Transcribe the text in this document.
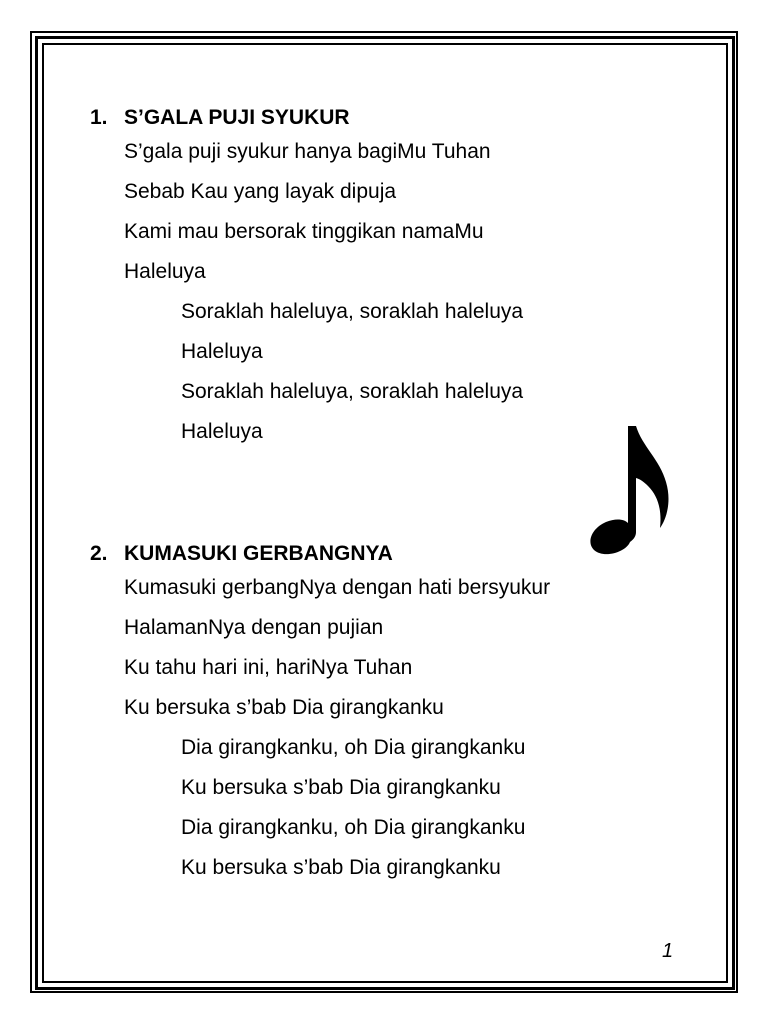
1. S’GALA PUJI SYUKUR
S’gala puji syukur hanya bagiMu Tuhan
Sebab Kau yang layak dipuja
Kami mau bersorak tinggikan namaMu
Haleluya
Soraklah haleluya, soraklah haleluya
Haleluya
Soraklah haleluya, soraklah haleluya
Haleluya
2. KUMASUKI GERBANGNYA
Kumasuki gerbangNya dengan hati bersyukur
HalamanNya dengan pujian
Ku tahu hari ini, hariNya Tuhan
Ku bersuka s’bab Dia girangkanku
Dia girangkanku, oh Dia girangkanku
Ku bersuka s’bab Dia girangkanku
Dia girangkanku, oh Dia girangkanku
Ku bersuka s’bab Dia girangkanku
1
